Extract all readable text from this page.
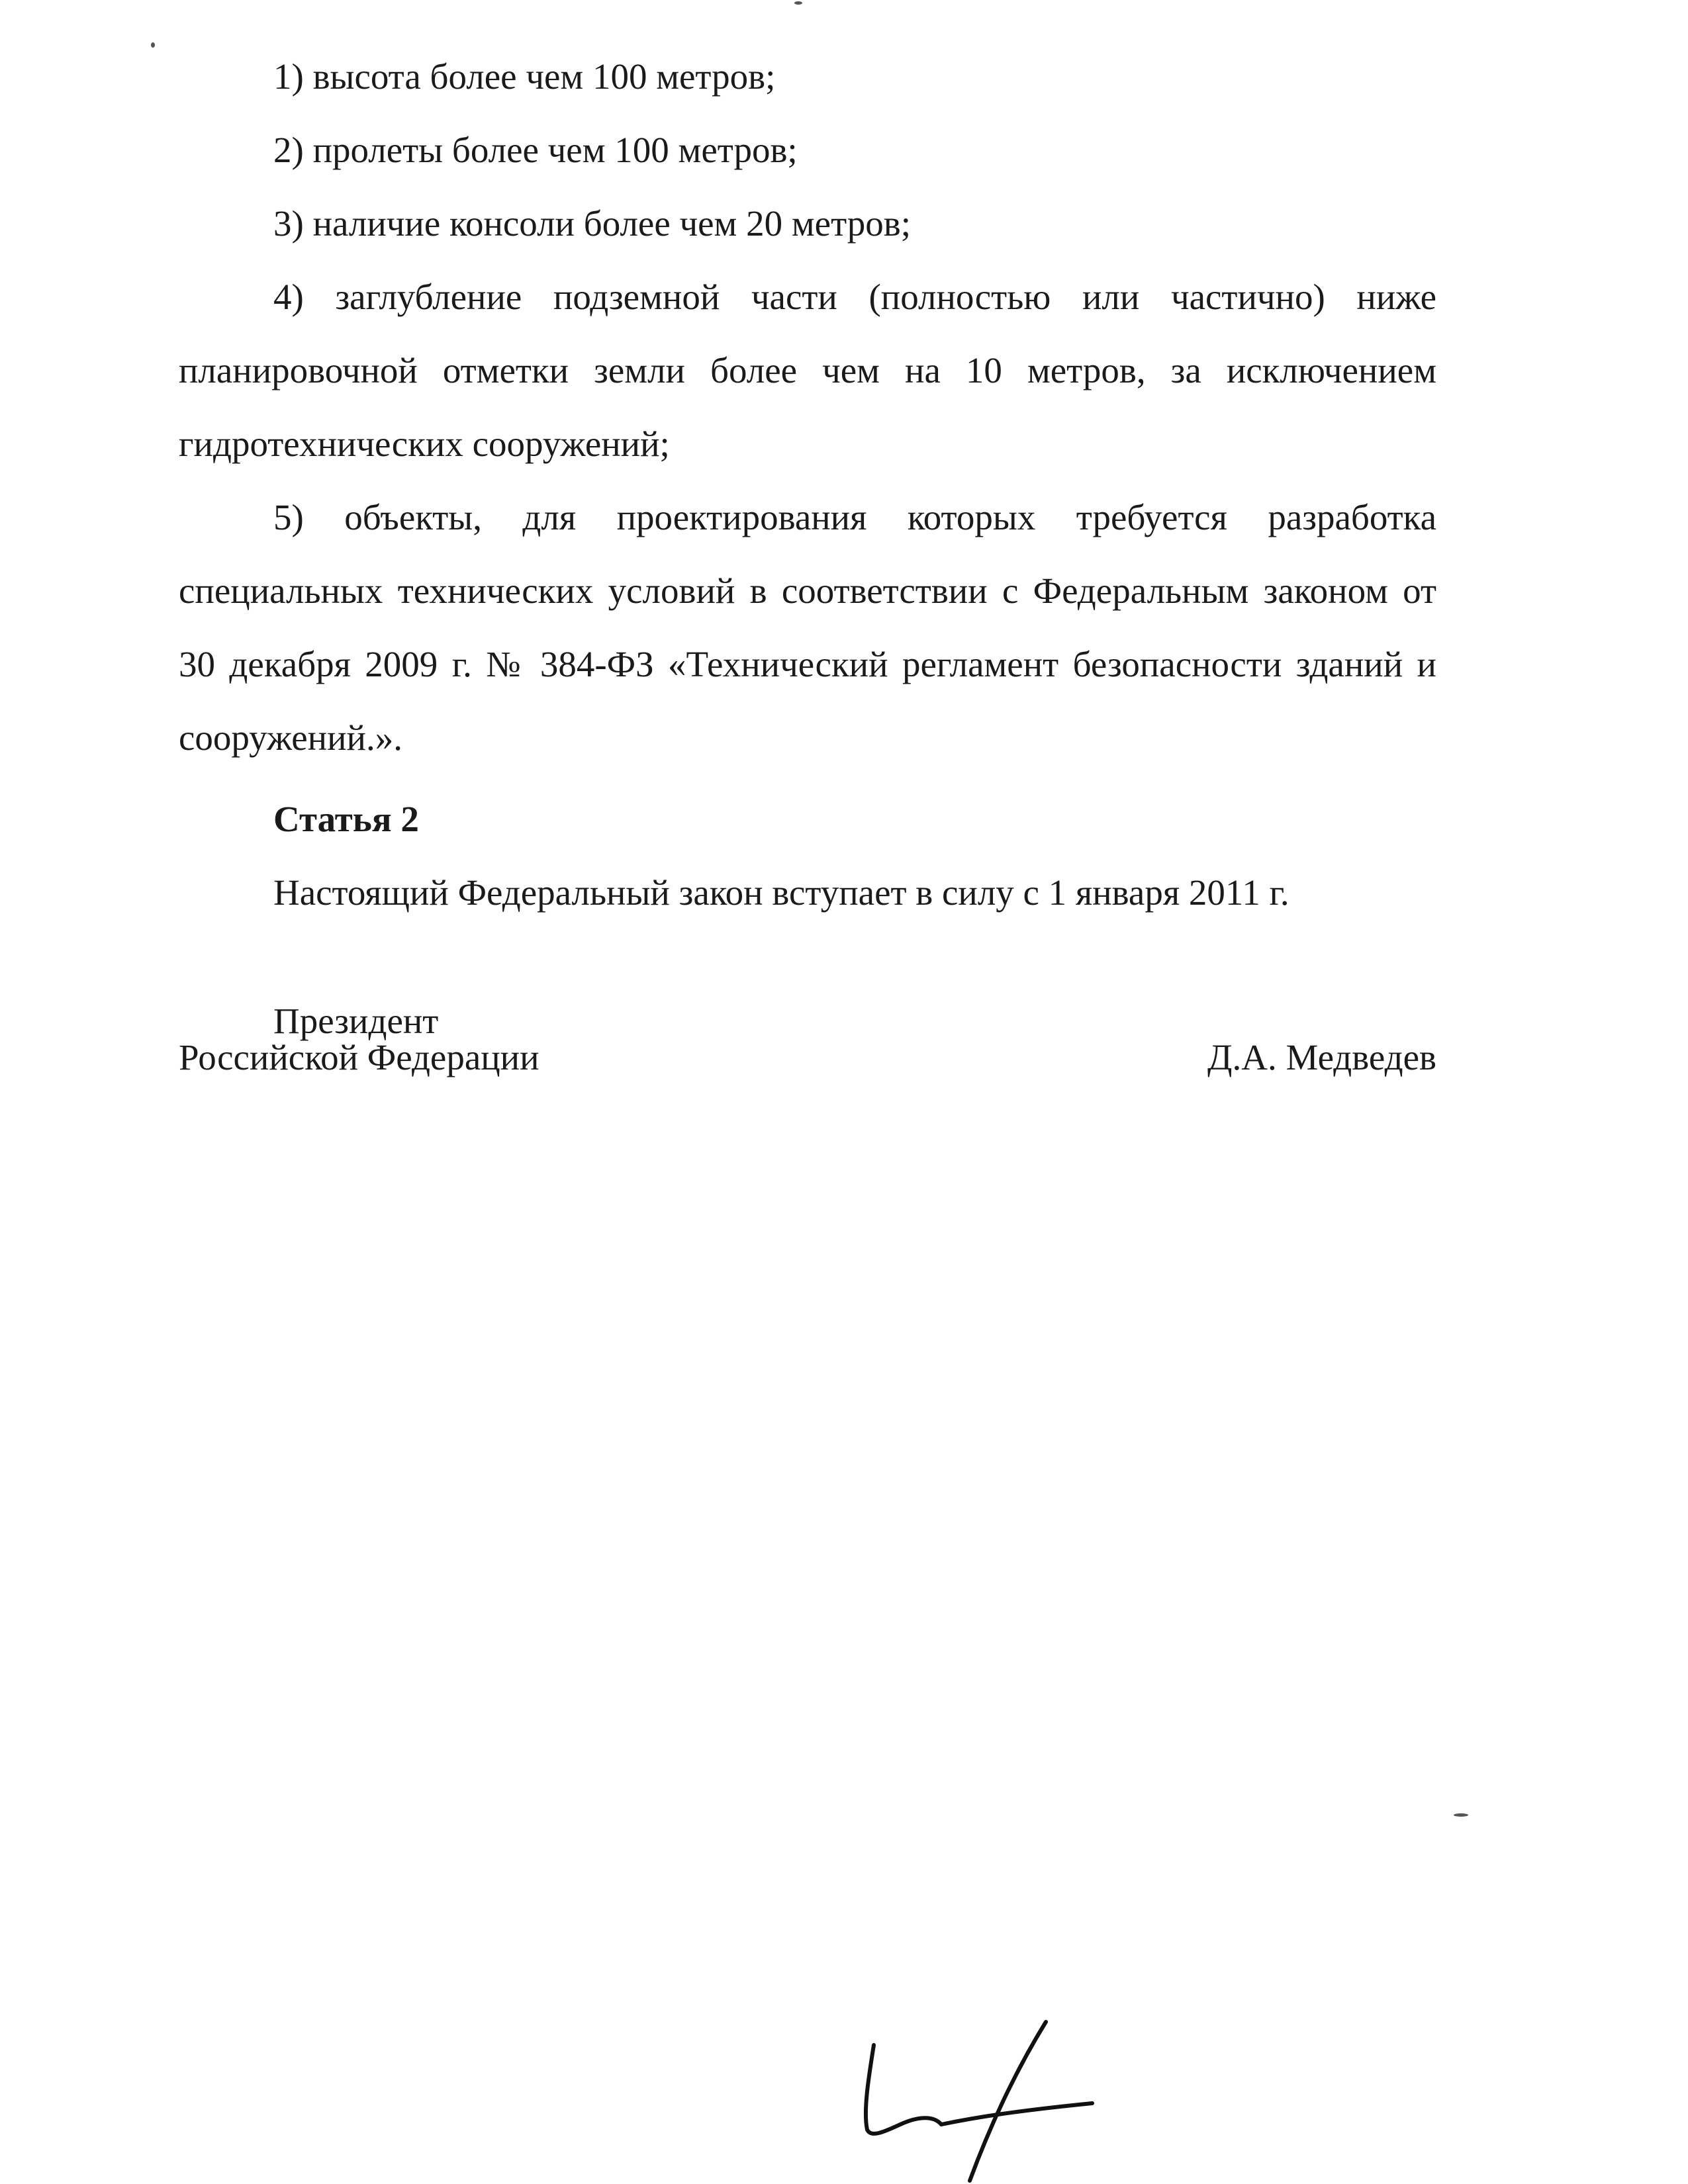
1) высота более чем 100 метров;

2) пролеты более чем 100 метров;

3) наличие консоли более чем 20 метров;

4) заглубление подземной части (полностью или частично) ниже планировочной отметки земли более чем на 10 метров, за исключением гидротехнических сооружений;

5) объекты, для проектирования которых требуется разработка специальных технических условий в соответствии с Федеральным законом от 30 декабря 2009 г. № 384-ФЗ «Технический регламент безопасности зданий и сооружений.».

Статья 2

Настоящий Федеральный закон вступает в силу с 1 января 2011 г.

Президент
Российской Федерации	Д.А. Медведев
